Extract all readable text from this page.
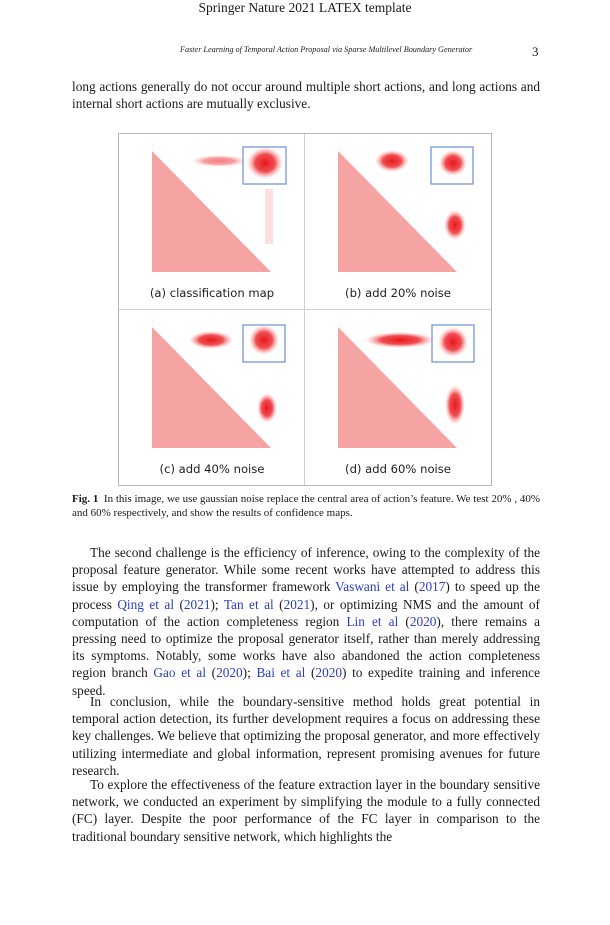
Springer Nature 2021 LATEX template
Faster Learning of Temporal Action Proposal via Sparse Multilevel Boundary Generator	3
long actions generally do not occur around multiple short actions, and long actions and internal short actions are mutually exclusive.
(a) classification map	(b) add 20% noise
(c) add 40% noise	(d) add 60% noise
Fig. 1 In this image, we use gaussian noise replace the central area of action’s feature. We test 20% , 40% and 60% respectively, and show the results of confidence maps.
The second challenge is the efficiency of inference, owing to the complexity of the proposal feature generator. While some recent works have attempted to address this issue by employing the transformer framework Vaswani et al (2017) to speed up the process Qing et al (2021); Tan et al (2021), or optimizing NMS and the amount of computation of the action completeness region Lin et al (2020), there remains a pressing need to optimize the proposal generator itself, rather than merely addressing its symptoms. Notably, some works have also abandoned the action completeness region branch Gao et al (2020); Bai et al (2020) to expedite training and inference speed.
In conclusion, while the boundary-sensitive method holds great potential in temporal action detection, its further development requires a focus on addressing these key challenges. We believe that optimizing the proposal generator, and more effectively utilizing intermediate and global information, represent promising avenues for future research.
To explore the effectiveness of the feature extraction layer in the boundary sensitive network, we conducted an experiment by simplifying the module to a fully connected (FC) layer. Despite the poor performance of the FC layer in comparison to the traditional boundary sensitive network, which highlights the
